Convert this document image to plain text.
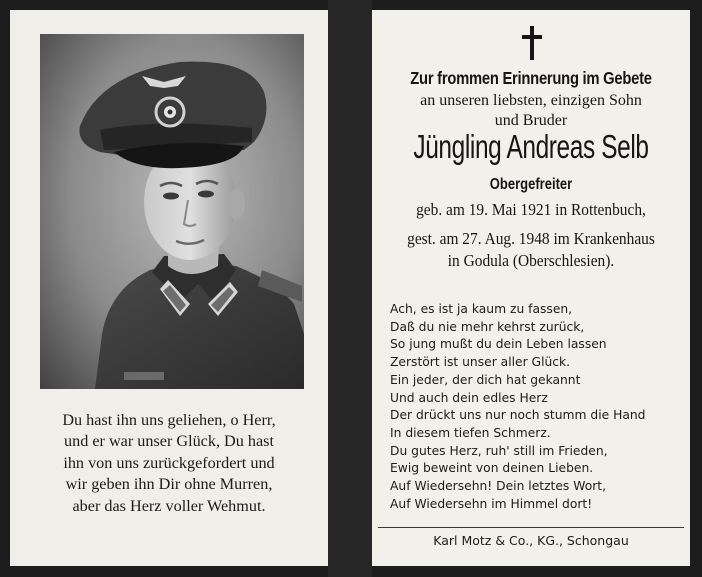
Du hast ihn uns geliehen, o Herr,
und er war unser Glück, Du hast
ihn von uns zurückgefordert und
wir geben ihn Dir ohne Murren,
aber das Herz voller Wehmut.
Zur frommen Erinnerung im Gebete
an unseren liebsten, einzigen Sohn
und Bruder
Jüngling Andreas Selb
Obergefreiter
geb. am 19. Mai 1921 in Rottenbuch,
gest. am 27. Aug. 1948 im Krankenhaus
in Godula (Oberschlesien).
Ach, es ist ja kaum zu fassen,
Daß du nie mehr kehrst zurück,
So jung mußt du dein Leben lassen
Zerstört ist unser aller Glück.
Ein jeder, der dich hat gekannt
Und auch dein edles Herz
Der drückt uns nur noch stumm die Hand
In diesem tiefen Schmerz.
Du gutes Herz, ruh' still im Frieden,
Ewig beweint von deinen Lieben.
Auf Wiedersehn! Dein letztes Wort,
Auf Wiedersehn im Himmel dort!
Karl Motz & Co., KG., Schongau
